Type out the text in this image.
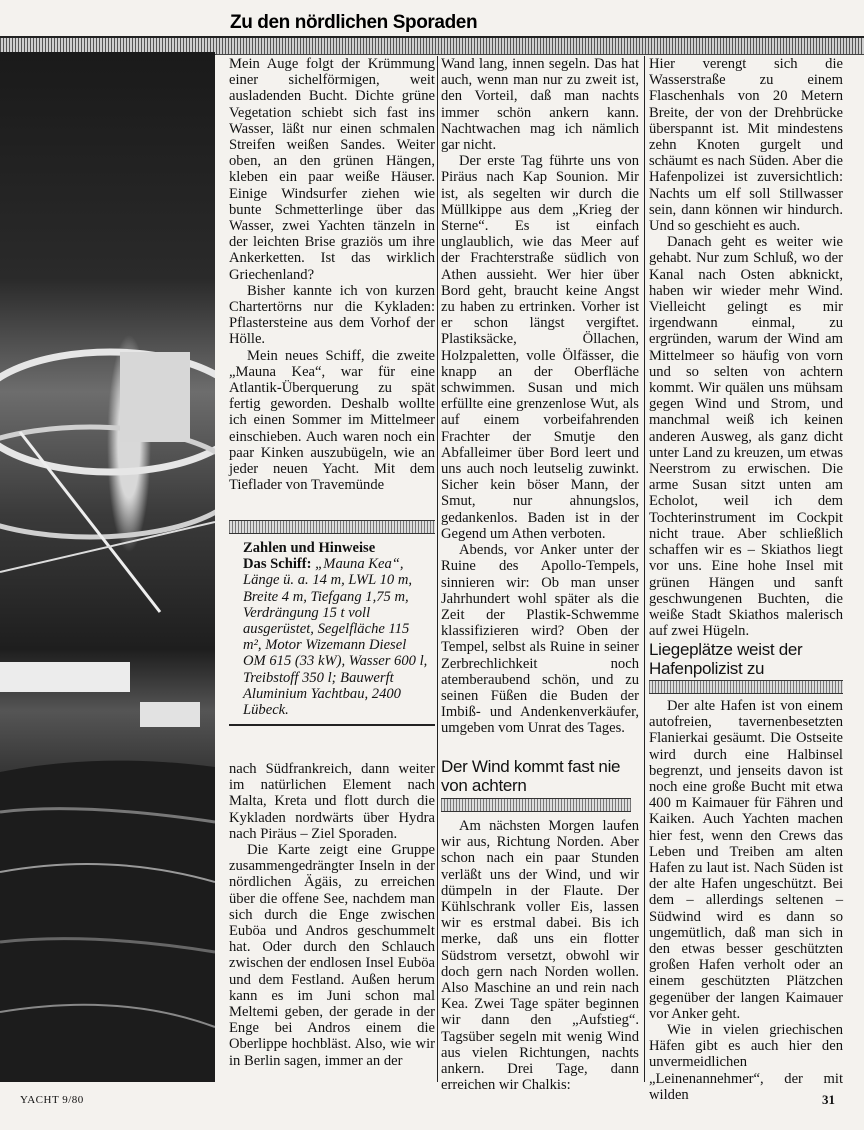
Zu den nördlichen Sporaden

Mein Auge folgt der Krümmung einer sichelförmigen, weit ausladenden Bucht. Dichte grüne Vegetation schiebt sich fast ins Wasser, läßt nur einen schmalen Streifen weißen Sandes. Weiter oben, an den grünen Hängen, kleben ein paar weiße Häuser. Einige Windsurfer ziehen wie bunte Schmetterlinge über das Wasser, zwei Yachten tänzeln in der leichten Brise graziös um ihre Ankerketten. Ist das wirklich Griechenland?

Bisher kannte ich von kurzen Chartertörns nur die Kykladen: Pflastersteine aus dem Vorhof der Hölle.

Mein neues Schiff, die zweite „Mauna Kea“, war für eine Atlantik-Überquerung zu spät fertig geworden. Deshalb wollte ich einen Sommer im Mittelmeer einschieben. Auch waren noch ein paar Kinken auszubügeln, wie an jeder neuen Yacht. Mit dem Tieflader von Travemünde

Zahlen und Hinweise
Das Schiff: „Mauna Kea“, Länge ü. a. 14 m, LWL 10 m, Breite 4 m, Tiefgang 1,75 m, Verdrängung 15 t voll ausgerüstet, Segelfläche 115 m², Motor Wizemann Diesel OM 615 (33 kW), Wasser 600 l, Treibstoff 350 l; Bauwerft Aluminium Yachtbau, 2400 Lübeck.

nach Südfrankreich, dann weiter im natürlichen Element nach Malta, Kreta und flott durch die Kykladen nordwärts über Hydra nach Piräus – Ziel Sporaden.

Die Karte zeigt eine Gruppe zusammengedrängter Inseln in der nördlichen Ägäis, zu erreichen über die offene See, nachdem man sich durch die Enge zwischen Euböa und Andros geschummelt hat. Oder durch den Schlauch zwischen der endlosen Insel Euböa und dem Festland. Außen herum kann es im Juni schon mal Meltemi geben, der gerade in der Enge bei Andros einem die Oberlippe hochbläst. Also, wie wir in Berlin sagen, immer an der

Wand lang, innen segeln. Das hat auch, wenn man nur zu zweit ist, den Vorteil, daß man nachts immer schön ankern kann. Nachtwachen mag ich nämlich gar nicht.

Der erste Tag führte uns von Piräus nach Kap Sounion. Mir ist, als segelten wir durch die Müllkippe aus dem „Krieg der Sterne“. Es ist einfach unglaublich, wie das Meer auf der Frachterstraße südlich von Athen aussieht. Wer hier über Bord geht, braucht keine Angst zu haben zu ertrinken. Vorher ist er schon längst vergiftet. Plastiksäcke, Öllachen, Holzpaletten, volle Ölfässer, die knapp an der Oberfläche schwimmen. Susan und mich erfüllte eine grenzenlose Wut, als auf einem vorbeifahrenden Frachter der Smutje den Abfalleimer über Bord leert und uns auch noch leutselig zuwinkt. Sicher kein böser Mann, der Smut, nur ahnungslos, gedankenlos. Baden ist in der Gegend um Athen verboten.

Abends, vor Anker unter der Ruine des Apollo-Tempels, sinnieren wir: Ob man unser Jahrhundert wohl später als die Zeit der Plastik-Schwemme klassifizieren wird? Oben der Tempel, selbst als Ruine in seiner Zerbrechlichkeit noch atemberaubend schön, und zu seinen Füßen die Buden der Imbiß- und Andenkenverkäufer, umgeben vom Unrat des Tages.

Der Wind kommt fast nie von achtern

Am nächsten Morgen laufen wir aus, Richtung Norden. Aber schon nach ein paar Stunden verläßt uns der Wind, und wir dümpeln in der Flaute. Der Kühlschrank voller Eis, lassen wir es erstmal dabei. Bis ich merke, daß uns ein flotter Südstrom versetzt, obwohl wir doch gern nach Norden wollen. Also Maschine an und rein nach Kea. Zwei Tage später beginnen wir dann den „Aufstieg“. Tagsüber segeln mit wenig Wind aus vielen Richtungen, nachts ankern. Drei Tage, dann erreichen wir Chalkis:

Hier verengt sich die Wasserstraße zu einem Flaschenhals von 20 Metern Breite, der von der Drehbrücke überspannt ist. Mit mindestens zehn Knoten gurgelt und schäumt es nach Süden. Aber die Hafenpolizei ist zuversichtlich: Nachts um elf soll Stillwasser sein, dann können wir hindurch. Und so geschieht es auch.

Danach geht es weiter wie gehabt. Nur zum Schluß, wo der Kanal nach Osten abknickt, haben wir wieder mehr Wind. Vielleicht gelingt es mir irgendwann einmal, zu ergründen, warum der Wind am Mittelmeer so häufig von vorn und so selten von achtern kommt. Wir quälen uns mühsam gegen Wind und Strom, und manchmal weiß ich keinen anderen Ausweg, als ganz dicht unter Land zu kreuzen, um etwas Neerstrom zu erwischen. Die arme Susan sitzt unten am Echolot, weil ich dem Tochterinstrument im Cockpit nicht traue. Aber schließlich schaffen wir es – Skiathos liegt vor uns. Eine hohe Insel mit grünen Hängen und sanft geschwungenen Buchten, die weiße Stadt Skiathos malerisch auf zwei Hügeln.

Liegeplätze weist der Hafenpolizist zu

Der alte Hafen ist von einem autofreien, tavernenbesetzten Flanierkai gesäumt. Die Ostseite wird durch eine Halbinsel begrenzt, und jenseits davon ist noch eine große Bucht mit etwa 400 m Kaimauer für Fähren und Kaiken. Auch Yachten machen hier fest, wenn den Crews das Leben und Treiben am alten Hafen zu laut ist. Nach Süden ist der alte Hafen ungeschützt. Bei dem – allerdings seltenen – Südwind wird es dann so ungemütlich, daß man sich in den etwas besser geschützten großen Hafen verholt oder an einem geschützten Plätzchen gegenüber der langen Kaimauer vor Anker geht.

Wie in vielen griechischen Häfen gibt es auch hier den unvermeidlichen „Leinenannehmer“, der mit wilden

YACHT 9/80	31
